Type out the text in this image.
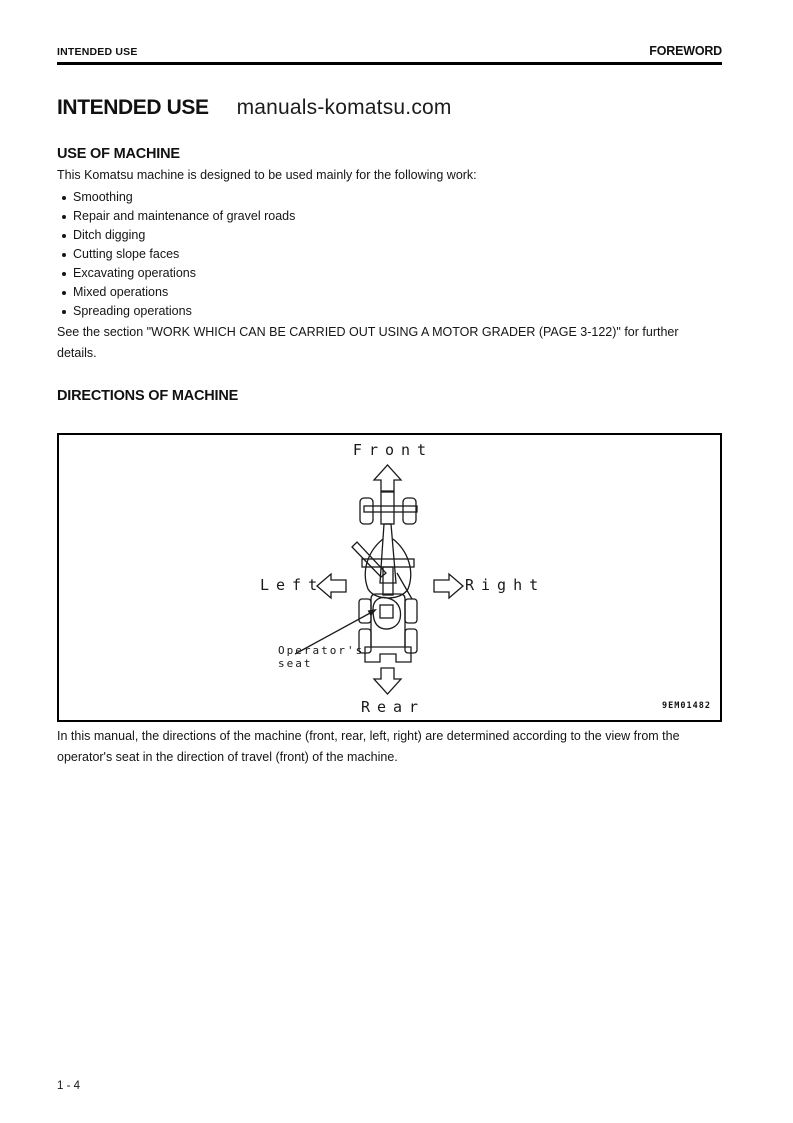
INTENDED USE	FOREWORD
INTENDED USE manuals-komatsu.com
USE OF MACHINE

This Komatsu machine is designed to be used mainly for the following work:

Smoothing
Repair and maintenance of gravel roads
Ditch digging
Cutting slope faces
Excavating operations
Mixed operations
Spreading operations
See the section "WORK WHICH CAN BE CARRIED OUT USING A MOTOR GRADER (PAGE 3-122)" for further
details.
DIRECTIONS OF MACHINE
Front
Left	Right
Rear
Operator's
seat
9EM01482
In this manual, the directions of the machine (front, rear, left, right) are determined according to the view from the
operator's seat in the direction of travel (front) of the machine.
1 - 4
